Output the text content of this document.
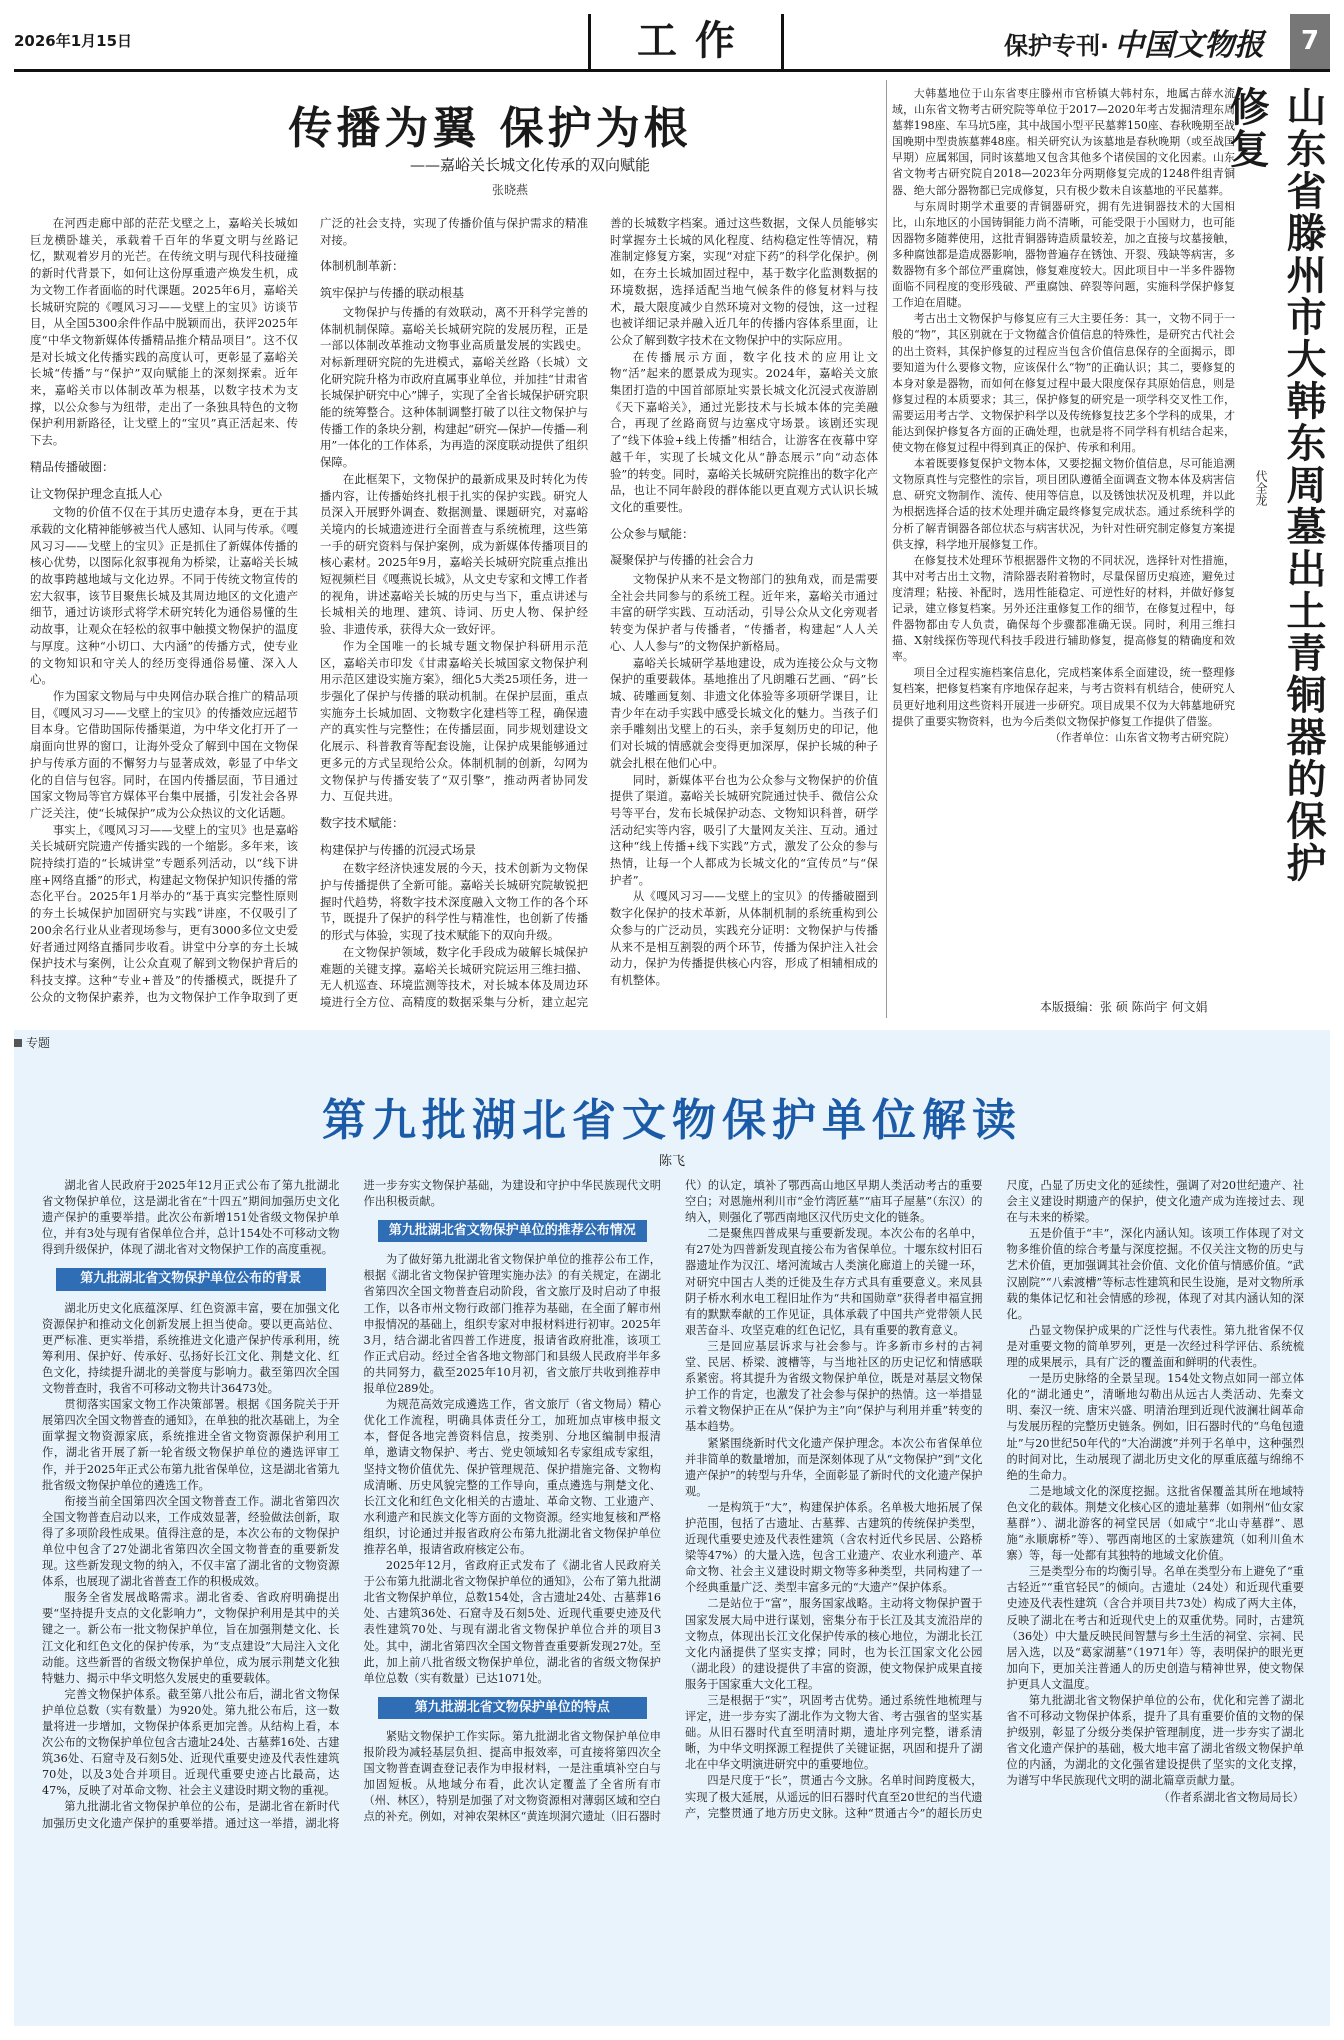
2026年1月15日	工作	保护专刊· 中国文物报	7
传播为翼 保护为根
——嘉峪关长城文化传承的双向赋能
张晓燕

在河西走廊中部的茫茫戈壁之上，嘉峪关长城如巨龙横卧雄关，承载着千百年的华夏文明与丝路记忆，默观着岁月的光芒。在传统文明与现代科技碰撞的新时代背景下，如何让这份厚重遗产焕发生机，成为文物工作者面临的时代课题。2025年6月，嘉峪关长城研究院的《嘎风习习——戈壁上的宝贝》访谈节目，从全国5300余件作品中脱颖而出，获评2025年度“中华文物新媒体传播精品推介精品项目”。这不仅是对长城文化传播实践的高度认可，更彰显了嘉峪关长城“传播”与“保护”双向赋能上的深刻探索。近年来，嘉峪关市以体制改革为根基，以数字技术为支撑，以公众参与为纽带，走出了一条独具特色的文物保护利用新路径，让戈壁上的“宝贝”真正活起来、传下去。

精品传播破圈：

让文物保护理念直抵人心

文物的价值不仅在于其历史遗存本身，更在于其承载的文化精神能够被当代人感知、认同与传承。《嘎风习习——戈壁上的宝贝》正是抓住了新媒体传播的核心优势，以图际化叙事视角为桥梁，让嘉峪关长城的故事跨越地域与文化边界。不同于传统文物宣传的宏大叙事，该节目聚焦长城及其周边地区的文化遗产细节，通过访谈形式将学术研究转化为通俗易懂的生动故事，让观众在轻松的叙事中触摸文物保护的温度与厚度。这种“小切口、大内涵”的传播方式，使专业的文物知识和守关人的经历变得通俗易懂、深入人心。

作为国家文物局与中央网信办联合推广的精品项目，《嘎风习习——戈壁上的宝贝》的传播效应远超节目本身。它借助国际传播渠道，为中华文化打开了一扇面向世界的窗口，让海外受众了解到中国在文物保护与传承方面的不懈努力与显著成效，彰显了中华文化的自信与包容。同时，在国内传播层面，节目通过国家文物局等官方媒体平台集中展播，引发社会各界广泛关注，使“长城保护”成为公众热议的文化话题。

事实上，《嘎风习习——戈壁上的宝贝》也是嘉峪关长城研究院遗产传播实践的一个缩影。多年来，该院持续打造的“长城讲堂”专题系列活动，以“线下讲座+网络直播”的形式，构建起文物保护知识传播的常态化平台。2025年1月举办的“基于真实完整性原则的夯土长城保护加固研究与实践”讲座，不仅吸引了200余名行业从业者现场参与，更有3000多位文史爱好者通过网络直播同步收看。讲堂中分享的夯土长城保护技术与案例，让公众直观了解到文物保护背后的科技支撑。这种“专业+普及”的传播模式，既提升了公众的文物保护素养，也为文物保护工作争取到了更广泛的社会支持，实现了传播价值与保护需求的精准对接。

体制机制革新：

筑牢保护与传播的联动根基

文物保护与传播的有效联动，离不开科学完善的体制机制保障。嘉峪关长城研究院的发展历程，正是一部以体制改革推动文物事业高质量发展的实践史。对标新理研究院的先进模式，嘉峪关丝路（长城）文化研究院升格为市政府直属事业单位，并加挂“甘肃省长城保护研究中心”牌子，实现了全省长城保护研究职能的统筹整合。这种体制调整打破了以往文物保护与传播工作的条块分割，构建起“研究—保护—传播—利用”一体化的工作体系，为再造的深度联动提供了组织保障。

在此框架下，文物保护的最新成果及时转化为传播内容，让传播始终扎根于扎实的保护实践。研究人员深入开展野外调查、数据测量、课题研究，对嘉峪关境内的长城遗迹进行全面普查与系统梳理，这些第一手的研究资料与保护案例，成为新媒体传播项目的核心素材。2025年9月，嘉峪关长城研究院重点推出短视频栏目《嘎燕说长城》，从文史专家和文博工作者的视角，讲述嘉峪关长城的历史与当下，重点讲述与长城相关的地理、建筑、诗词、历史人物、保护经验、非遗传承，获得大众一致好评。

作为全国唯一的长城专题文物保护科研用示范区，嘉峪关市印发《甘肃嘉峪关长城国家文物保护利用示范区建设实施方案》，细化5大类25项任务，进一步强化了保护与传播的联动机制。在保护层面，重点实施夯土长城加固、文物数字化建档等工程，确保遗产的真实性与完整性；在传播层面，同步规划建设文化展示、科普教育等配套设施，让保护成果能够通过更多元的方式呈现给公众。体制机制的创新，勾网为文物保护与传播安装了“双引擎”，推动两者协同发力、互促共进。

数字技术赋能：

构建保护与传播的沉浸式场景

在数字经济快速发展的今天，技术创新为文物保护与传播提供了全新可能。嘉峪关长城研究院敏锐把握时代趋势，将数字技术深度融入文物工作的各个环节，既提升了保护的科学性与精准性，也创新了传播的形式与体验，实现了技术赋能下的双向升级。

在文物保护领域，数字化手段成为破解长城保护难题的关键支撑。嘉峪关长城研究院运用三维扫描、无人机巡查、环境监测等技术，对长城本体及周边环境进行全方位、高精度的数据采集与分析，建立起完善的长城数字档案。通过这些数据，文保人员能够实时掌握夯土长城的风化程度、结构稳定性等情况，精准制定修复方案，实现“对症下药”的科学化保护。例如，在夯土长城加固过程中，基于数字化监测数据的环境数据，选择适配当地气候条件的修复材料与技术，最大限度减少自然环境对文物的侵蚀，这一过程也被详细记录并融入近几年的传播内容体系里面，让公众了解到数字技术在文物保护中的实际应用。

在传播展示方面，数字化技术的应用让文物“活”起来的愿景成为现实。2024年，嘉峪关文旅集团打造的中国首部原址实景长城文化沉浸式夜游剧《天下嘉峪关》，通过光影技术与长城本体的完美融合，再现了丝路商贸与边塞戍守场景。该剧还实现了“线下体验+线上传播”相结合，让游客在夜幕中穿越千年，实现了长城文化从“静态展示”向“动态体验”的转变。同时，嘉峪关长城研究院推出的数字化产品，也让不同年龄段的群体能以更直观方式认识长城文化的重要性。

公众参与赋能：

凝聚保护与传播的社会合力

文物保护从来不是文物部门的独角戏，而是需要全社会共同参与的系统工程。近年来，嘉峪关市通过丰富的研学实践、互动活动，引导公众从文化旁观者转变为保护者与传播者，“传播者，构建起“人人关心、人人参与”的文物保护新格局。

嘉峪关长城研学基地建设，成为连接公众与文物保护的重要载体。基地推出了凡朗雕石艺画、“码”长城、砖雕画复刻、非遗文化体验等多项研学课目，让青少年在动手实践中感受长城文化的魅力。当孩子们亲手雕刻出戈壁上的石头，亲手复刻历史的印记，他们对长城的情感就会变得更加深厚，保护长城的种子就会扎根在他们心中。

同时，新媒体平台也为公众参与文物保护的价值提供了渠道。嘉峪关长城研究院通过快手、微信公众号等平台，发布长城保护动态、文物知识科普，研学活动纪实等内容，吸引了大量网友关注、互动。通过这种“线上传播+线下实践”方式，激发了公众的参与热情，让每一个人都成为长城文化的“宣传员”与“保护者”。

从《嘎风习习——戈壁上的宝贝》的传播破圈到数字化保护的技术革新，从体制机制的系统重构到公众参与的广泛动员，实践充分证明：文物保护与传播从来不是相互割裂的两个环节，传播为保护注入社会动力，保护为传播提供核心内容，形成了相辅相成的有机整体。

大韩墓地位于山东省枣庄滕州市官桥镇大韩村东，地属古薛水流域，山东省文物考古研究院等单位于2017—2020年考古发掘清理东周墓葬198座、车马坑5座，其中战国小型平民墓葬150座、春秋晚期至战国晚期中型贵族墓葬48座。相关研究认为该墓地是春秋晚期（或至战国早期）应属邾国，同时该墓地又包含其他多个诸侯国的文化因素。山东省文物考古研究院自2018—2023年分两期修复完成的1248件组青铜器、绝大部分器物都已完成修复，只有极少数未自该墓地的平民墓葬。

与东周时期学术重要的青铜器研究，拥有先进铜器技术的大国相比，山东地区的小国铸铜能力尚不清晰，可能受限于小国财力，也可能因器物多随葬使用，这批青铜器铸造质量较差，加之直接与坟墓接触，多种腐蚀都是造成器影响，器物普遍存在锈蚀、开裂、残缺等病害，多数器物有多个部位严重腐蚀，修复难度较大。因此项目中一半多件器物面临不同程度的变形残破、严重腐蚀、碎裂等问题，实施科学保护修复工作迫在眉睫。

考古出土文物保护与修复应有三大主要任务：其一，文物不同于一般的“物”，其区别就在于文物蕴含价值信息的特殊性，是研究古代社会的出土资料，其保护修复的过程应当包含价值信息保存的全面揭示，即要知道为什么要修文物，应该保什么“物”的正确认识；其二，要修复的本身对象是器物，而如何在修复过程中最大限度保存其原始信息，则是修复过程的本质要求；其三，保护修复的研究是一项学科交叉性工作，需要运用考古学、文物保护科学以及传统修复技艺多个学科的成果，才能达到保护修复各方面的正确处理，也就是将不同学科有机结合起来，使文物在修复过程中得到真正的保护、传承和利用。

本着既要修复保护文物本体，又要挖掘文物价值信息，尽可能追溯文物原真性与完整性的宗旨，项目团队遵循全面调查文物本体及病害信息、研究文物制作、流传、使用等信息，以及锈蚀状况及机理，并以此为根据选择合适的技术处理并确定最终修复完成状态。通过系统科学的分析了解青铜器各部位状态与病害状况，为针对性研究制定修复方案提供支撑，科学地开展修复工作。

在修复技术处理环节根据器件文物的不同状况，选择针对性措施，其中对考古出土文物，清除器表附着物时，尽量保留历史痕迹，避免过度清理；粘接、补配时，选用性能稳定、可逆性好的材料，并做好修复记录，建立修复档案。另外还注重修复工作的细节，在修复过程中，每件器物都由专人负责，确保每个步骤都准确无误。同时，利用三维扫描、X射线探伤等现代科技手段进行辅助修复，提高修复的精确度和效率。

项目全过程实施档案信息化，完成档案体系全面建设，统一整理修复档案，把修复档案有序地保存起来，与考古资料有机结合，使研究人员更好地利用这些资料开展进一步研究。项目成果不仅为大韩墓地研究提供了重要实物资料，也为今后类似文物保护修复工作提供了借鉴。

（作者单位：山东省文物考古研究院） 山东省滕州市大韩东周墓出土青铜器的保护修复
代全龙
本版摄编：张 硕 陈尚宇 何文娟
专题
第九批湖北省文物保护单位解读
陈飞

湖北省人民政府于2025年12月正式公布了第九批湖北省文物保护单位，这是湖北省在“十四五”期间加强历史文化遗产保护的重要举措。此次公布新增151处省级文物保护单位，并有3处与现有省保单位合并，总计154处不可移动文物得到升级保护，体现了湖北省对文物保护工作的高度重视。

第九批湖北省文物保护单位公布的背景

湖北历史文化底蕴深厚、红色资源丰富，要在加强文化资源保护和推动文化创新发展上担当使命。要以更高站位、更严标准、更实举措，系统推进文化遗产保护传承利用，统筹利用、保护好、传承好、弘扬好长江文化、荆楚文化、红色文化，持续提升湖北的美誉度与影响力。截至第四次全国文物普查时，我省不可移动文物共计36473处。

贯彻落实国家文物工作决策部署。根据《国务院关于开展第四次全国文物普查的通知》，在单独的批次基础上，为全面掌握文物资源家底，系统推进全省文物资源保护利用工作，湖北省开展了新一轮省级文物保护单位的遴选评审工作，并于2025年正式公布第九批省保单位，这是湖北省第九批省级文物保护单位的遴选工作。

衔接当前全国第四次全国文物普查工作。湖北省第四次全国文物普查启动以来，工作成效显著，经验做法创新，取得了多项阶段性成果。值得注意的是，本次公布的文物保护单位中包含了27处湖北省第四次全国文物普查的重要新发现。这些新发现文物的纳入，不仅丰富了湖北省的文物资源体系，也展现了湖北省普查工作的积极成效。

服务全省发展战略需求。湖北省委、省政府明确提出要“坚持提升支点的文化影响力”，文物保护利用是其中的关键之一。新公布一批文物保护单位，旨在加强荆楚文化、长江文化和红色文化的保护传承，为“支点建设”大局注入文化动能。这些新晋的省级文物保护单位，成为展示荆楚文化独特魅力、揭示中华文明悠久发展史的重要载体。

完善文物保护体系。截至第八批公布后，湖北省文物保护单位总数（实有数量）为920处。第九批公布后，这一数量将进一步增加，文物保护体系更加完善。从结构上看，本次公布的文物保护单位包含古遗址24处、古墓葬16处、古建筑36处、石窟寺及石刻5处、近现代重要史迹及代表性建筑70处，以及3处合并项目。近现代重要史迹占比最高，达47%，反映了对革命文物、社会主义建设时期文物的重视。

第九批湖北省文物保护单位的公布，是湖北省在新时代加强历史文化遗产保护的重要举措。通过这一举措，湖北将进一步夯实文物保护基础，为建设和守护中华民族现代文明作出积极贡献。

第九批湖北省文物保护单位的推荐公布情况

为了做好第九批湖北省文物保护单位的推荐公布工作，根据《湖北省文物保护管理实施办法》的有关规定，在湖北省第四次全国文物普查启动阶段，省文旅厅及时启动了申报工作，以各市州文物行政部门推荐为基础，在全面了解市州申报情况的基础上，组织专家对申报材料进行初审。2025年3月，结合湖北省四普工作进度，报请省政府批准，该项工作正式启动。经过全省各地文物部门和县级人民政府半年多的共同努力，截至2025年10月初，省文旅厅共收到推荐申报单位289处。

为规范高效完成遴选工作，省文旅厅（省文物局）精心优化工作流程，明确具体责任分工，加班加点审核申报文本，督促各地完善资料信息，按类别、分地区编制申报清单，邀请文物保护、考古、党史领域知名专家组成专家组，坚持文物价值优先、保护管理规范、保护措施完备、文物构成清晰、历史风貌完整的工作导向，重点遴选与荆楚文化、长江文化和红色文化相关的古遗址、革命文物、工业遗产、水利遗产和民族文化等方面的文物资源。经实地复核和严格组织，讨论通过并报省政府公布第九批湖北省文物保护单位推荐名单，报请省政府核定公布。

2025年12月，省政府正式发布了《湖北省人民政府关于公布第九批湖北省文物保护单位的通知》，公布了第九批湖北省文物保护单位，总数154处，含古遗址24处、古墓葬16处、古建筑36处、石窟寺及石刻5处、近现代重要史迹及代表性建筑70处、与现有湖北省文物保护单位合并的项目3处。其中，湖北省第四次全国文物普查重要新发现27处。至此，加上前八批省级文物保护单位，湖北省的省级文物保护单位总数（实有数量）已达1071处。

第九批湖北省文物保护单位的特点

紧贴文物保护工作实际。第九批湖北省文物保护单位申报阶段为减轻基层负担、提高申报效率，可直接将第四次全国文物普查调查登记表作为申报材料，一是注重填补空白与加固短板。从地域分布看，此次认定覆盖了全省所有市（州、林区），特别是加强了对文物资源相对薄弱区域和空白点的补充。例如，对神农架林区“黄连坝洞穴遗址（旧石器时代）的认定，填补了鄂西高山地区早期人类活动考古的重要空白；对恩施州利川市“金竹湾匠墓”“庙耳子屋墓”（东汉）的纳入，则强化了鄂西南地区汉代历史文化的链条。

二是聚焦四普成果与重要新发现。本次公布的名单中，有27处为四普新发现直接公布为省保单位。十堰东纹村旧石器遗址作为汉江、堵河流域古人类演化廊道上的关键一环，对研究中国古人类的迁徙及生存方式具有重要意义。来凤县阴子桥水利水电工程旧址作为“共和国勋章”获得者申福宣拥有的默默奉献的工作见证，具体承载了中国共产党带领人民艰苦奋斗、攻坚克难的红色记忆，具有重要的教育意义。

三是回应基层诉求与社会参与。许多新市乡村的古祠堂、民居、桥梁、渡槽等，与当地社区的历史记忆和情感联系紧密。将其提升为省级文物保护单位，既是对基层文物保护工作的肯定，也激发了社会参与保护的热情。这一举措显示着文物保护正在从“保护为主”向“保护与利用并重”转变的基本趋势。

紧紧围绕新时代文化遗产保护理念。本次公布省保单位并非简单的数量增加，而是深刻体现了从“文物保护”到“文化遗产保护”的转型与升华，全面彰显了新时代的文化遗产保护观。

一是构筑于“大”，构建保护体系。名单极大地拓展了保护范围，包括了古遗址、古墓葬、古建筑的传统保护类型，近现代重要史迹及代表性建筑（含农村近代乡民居、公路桥梁等47%）的大量入选，包含工业遗产、农业水利遗产、革命文物、社会主义建设时期文物等多种类型，共同构建了一个经典重量广泛、类型丰富多元的“大遗产”保护体系。

二是站位于“富”，服务国家战略。主动将文物保护置于国家发展大局中进行谋划，密集分布于长江及其支流沿岸的文物点，体现出长江文化保护传承的核心地位，为湖北长江文化内涵提供了坚实支撑；同时，也为长江国家文化公园（湖北段）的建设提供了丰富的资源，使文物保护成果直接服务于国家重大文化工程。

三是根据于“实”，巩固考古优势。通过系统性地梳理与评定，进一步夯实了湖北作为文物大省、考古强省的坚实基础。从旧石器时代直至明清时期，遗址序列完整，谱系清晰，为中华文明探源工程提供了关键证据，巩固和提升了湖北在中华文明演进研究中的重要地位。

四是尺度于“长”，贯通古今文脉。名单时间跨度极大，实现了极大延展，从遥远的旧石器时代直至20世纪的当代遗产，完整贯通了地方历史文脉。这种“贯通古今”的超长历史尺度，凸显了历史文化的延续性，强调了对20世纪遗产、社会主义建设时期遗产的保护，使文化遗产成为连接过去、现在与未来的桥梁。

五是价值于“丰”，深化内涵认知。该项工作体现了对文物多维价值的综合考量与深度挖掘。不仅关注文物的历史与艺术价值，更加强调其社会价值、文化价值与情感价值。“武汉剧院”“八索渡槽”等标志性建筑和民生设施，是对文物所承载的集体记忆和社会情感的珍视，体现了对其内涵认知的深化。

凸显文物保护成果的广泛性与代表性。第九批省保不仅是对重要文物的简单罗列，更是一次经过科学评估、系统梳理的成果展示，具有广泛的覆盖面和鲜明的代表性。

一是历史脉络的全景呈现。154处文物点如同一部立体化的“湖北通史”，清晰地勾勒出从远古人类活动、先秦文明、秦汉一统、唐宋兴盛、明清治理到近现代波澜壮阔革命与发展历程的完整历史链条。例如，旧石器时代的“乌龟包遗址”与20世纪50年代的“大冶湖渡”并列于名单中，这种强烈的时间对比，生动展现了湖北历史文化的厚重底蕴与绵绵不绝的生命力。

二是地域文化的深度挖掘。这批省保覆盖其所在地域特色文化的载体。荆楚文化核心区的遗址墓葬（如荆州“仙女家墓群”）、湖北游客的祠堂民居（如咸宁“北山寺墓群”、恩施“永顺廓桥”等）、鄂西南地区的土家族建筑（如利川鱼木寨）等，每一处都有其独特的地域文化价值。

三是类型分布的均衡引导。名单在类型分布上避免了“重古轻近”“重官轻民”的倾向。古遗址（24处）和近现代重要史迹及代表性建筑（含合并项目共73处）构成了两大主体，反映了湖北在考古和近现代史上的双重优势。同时，古建筑（36处）中大量反映民间智慧与乡土生活的祠堂、宗祠、民居入选，以及“葛家湖墓”（1971年）等，表明保护的眼光更加向下，更加关注普通人的历史创造与精神世界，使文物保护更具人文温度。

第九批湖北省文物保护单位的公布，优化和完善了湖北省不可移动文物保护体系，提升了具有重要价值的文物的保护级别，彰显了分级分类保护管理制度，进一步夯实了湖北省文化遗产保护的基础，极大地丰富了湖北省级文物保护单位的内涵，为湖北的文化强省建设提供了坚实的文化支撑，为谱写中华民族现代文明的湖北篇章贡献力量。

（作者系湖北省文物局局长）
